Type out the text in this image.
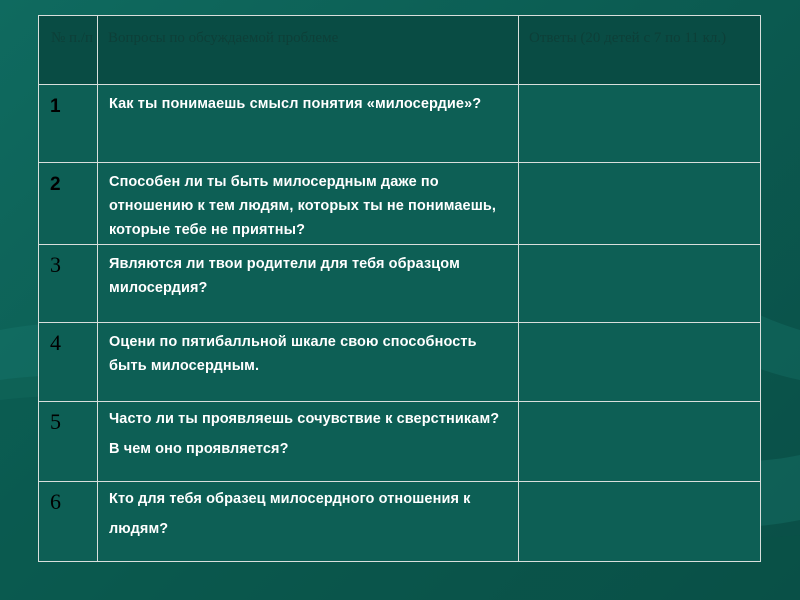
№ п./п	Вопросы по обсуждаемой проблеме	Ответы (20 детей с 7 по 11 кл.)

1	Как ты понимаешь смысл понятия «милосердие»?	

2	Способен ли ты быть милосердным даже по отношению к тем людям, которых ты не понимаешь, которые тебе не приятны?	

3	Являются ли твои родители для тебя образцом милосердия?	

4	Оцени по пятибалльной шкале свою способность быть милосердным.	

5	Часто ли ты проявляешь сочувствие к сверстникам? В чем оно проявляется?	

6	Кто для тебя образец милосердного отношения к людям?	
